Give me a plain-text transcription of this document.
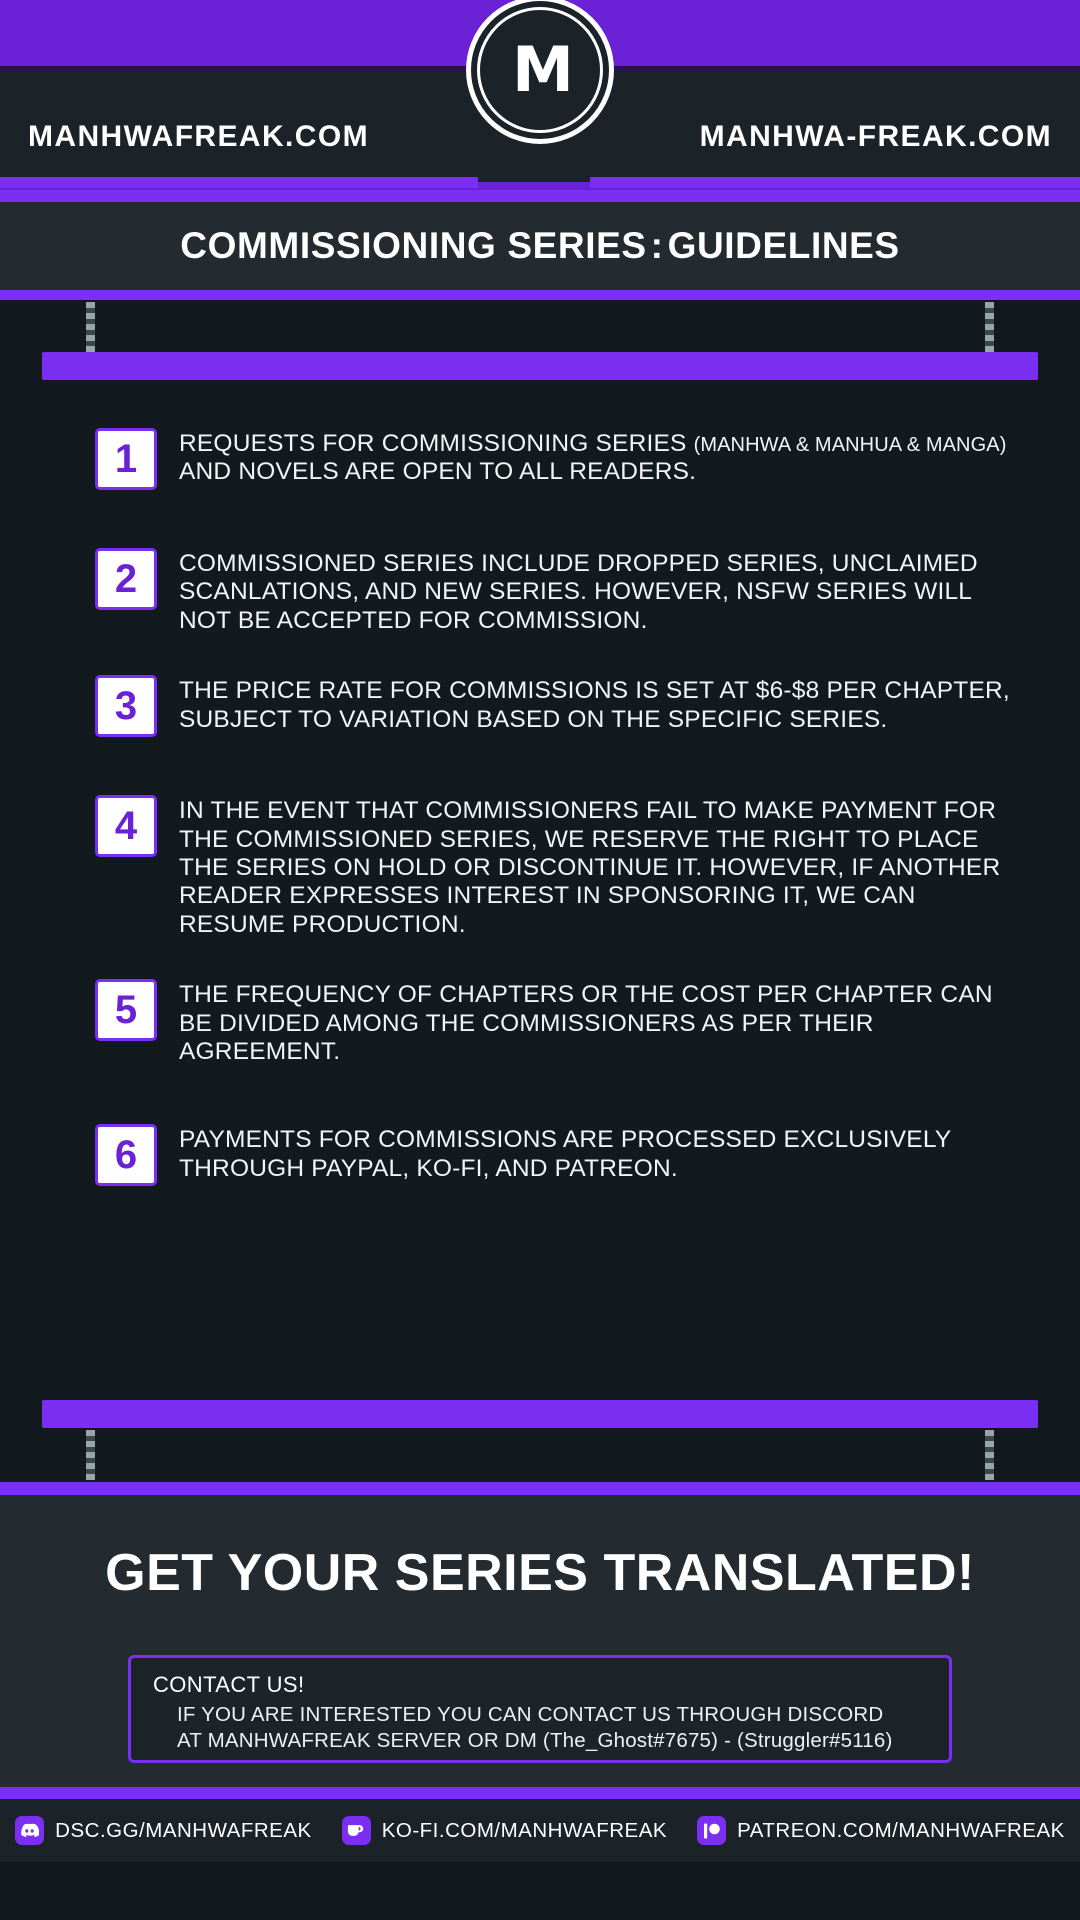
MANHWAFREAK.COM	MANHWA-FREAK.COM
M
COMMISSIONING SERIES : GUIDELINES
1	REQUESTS FOR COMMISSIONING SERIES (MANHWA & MANHUA & MANGA) AND NOVELS ARE OPEN TO ALL READERS.
2	COMMISSIONED SERIES INCLUDE DROPPED SERIES, UNCLAIMED SCANLATIONS, AND NEW SERIES. HOWEVER, NSFW SERIES WILL NOT BE ACCEPTED FOR COMMISSION.
3	THE PRICE RATE FOR COMMISSIONS IS SET AT $6-$8 PER CHAPTER, SUBJECT TO VARIATION BASED ON THE SPECIFIC SERIES.
4	IN THE EVENT THAT COMMISSIONERS FAIL TO MAKE PAYMENT FOR THE COMMISSIONED SERIES, WE RESERVE THE RIGHT TO PLACE THE SERIES ON HOLD OR DISCONTINUE IT. HOWEVER, IF ANOTHER READER EXPRESSES INTEREST IN SPONSORING IT, WE CAN RESUME PRODUCTION.
5	THE FREQUENCY OF CHAPTERS OR THE COST PER CHAPTER CAN BE DIVIDED AMONG THE COMMISSIONERS AS PER THEIR AGREEMENT.
6	PAYMENTS FOR COMMISSIONS ARE PROCESSED EXCLUSIVELY THROUGH PAYPAL, KO-FI, AND PATREON.
GET YOUR SERIES TRANSLATED!
CONTACT US!
IF YOU ARE INTERESTED YOU CAN CONTACT US THROUGH DISCORD
AT MANHWAFREAK SERVER OR DM (The_Ghost#7675) - (Struggler#5116)
DSC.GG/MANHWAFREAK	KO-FI.COM/MANHWAFREAK	PATREON.COM/MANHWAFREAK
